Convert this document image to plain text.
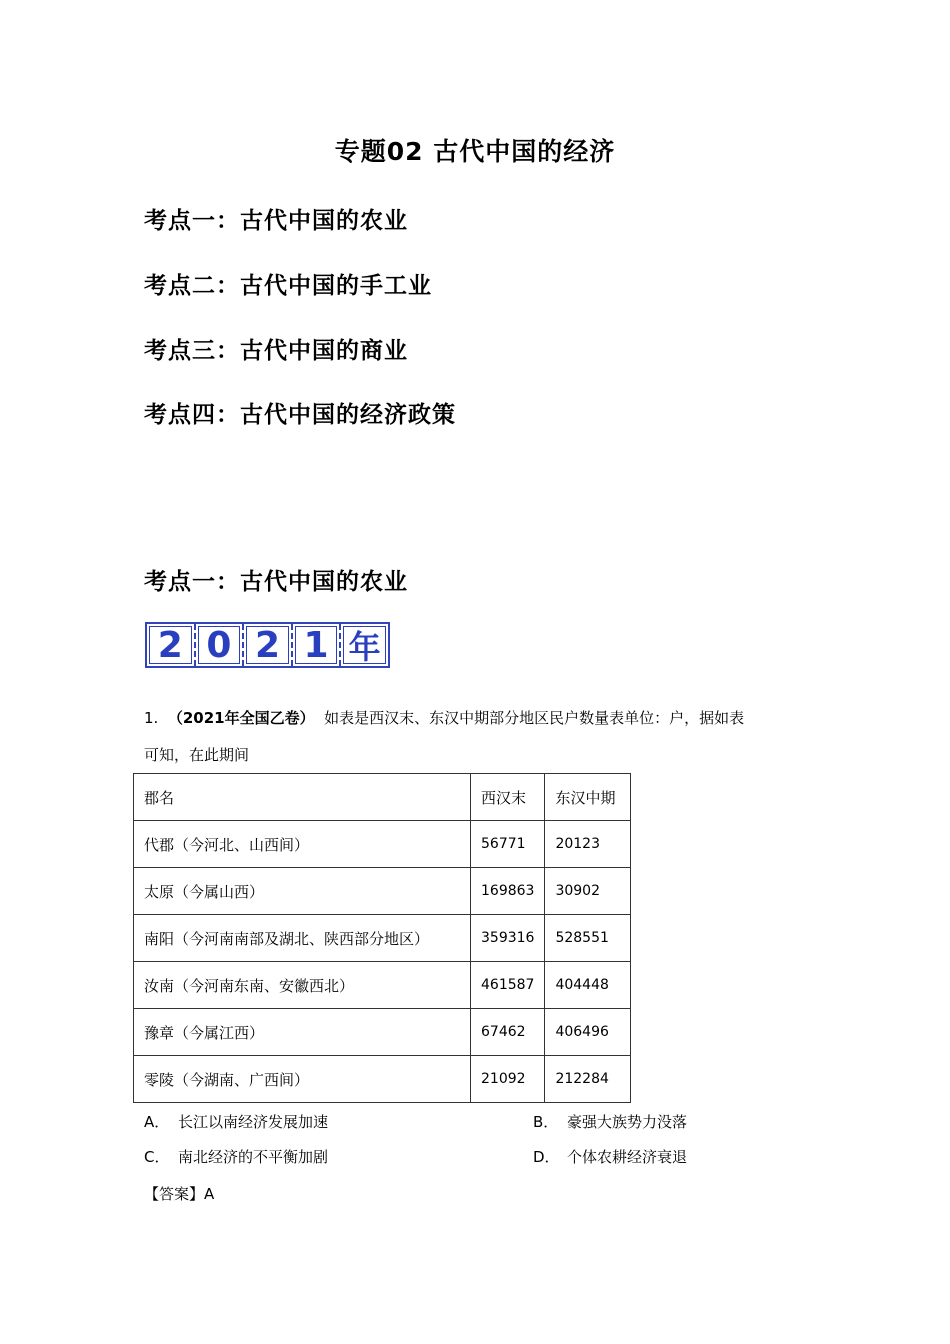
专题02 古代中国的经济
考点一：古代中国的农业
考点二：古代中国的手工业
考点三：古代中国的商业
考点四：古代中国的经济政策
考点一：古代中国的农业
2 0 2 1 年
1. （2021年全国乙卷） 如表是西汉末、东汉中期部分地区民户数量表单位：户，据如表
可知，在此期间
郡名	西汉末	东汉中期
代郡（今河北、山西间）	56771	20123
太原（今属山西）	169863	30902
南阳（今河南南部及湖北、陕西部分地区）	359316	528551
汝南（今河南东南、安徽西北）	461587	404448
豫章（今属江西）	67462	406496
零陵（今湖南、广西间）	21092	212284
A． 长江以南经济发展加速	B． 豪强大族势力没落
C． 南北经济的不平衡加剧	D． 个体农耕经济衰退
【答案】A
